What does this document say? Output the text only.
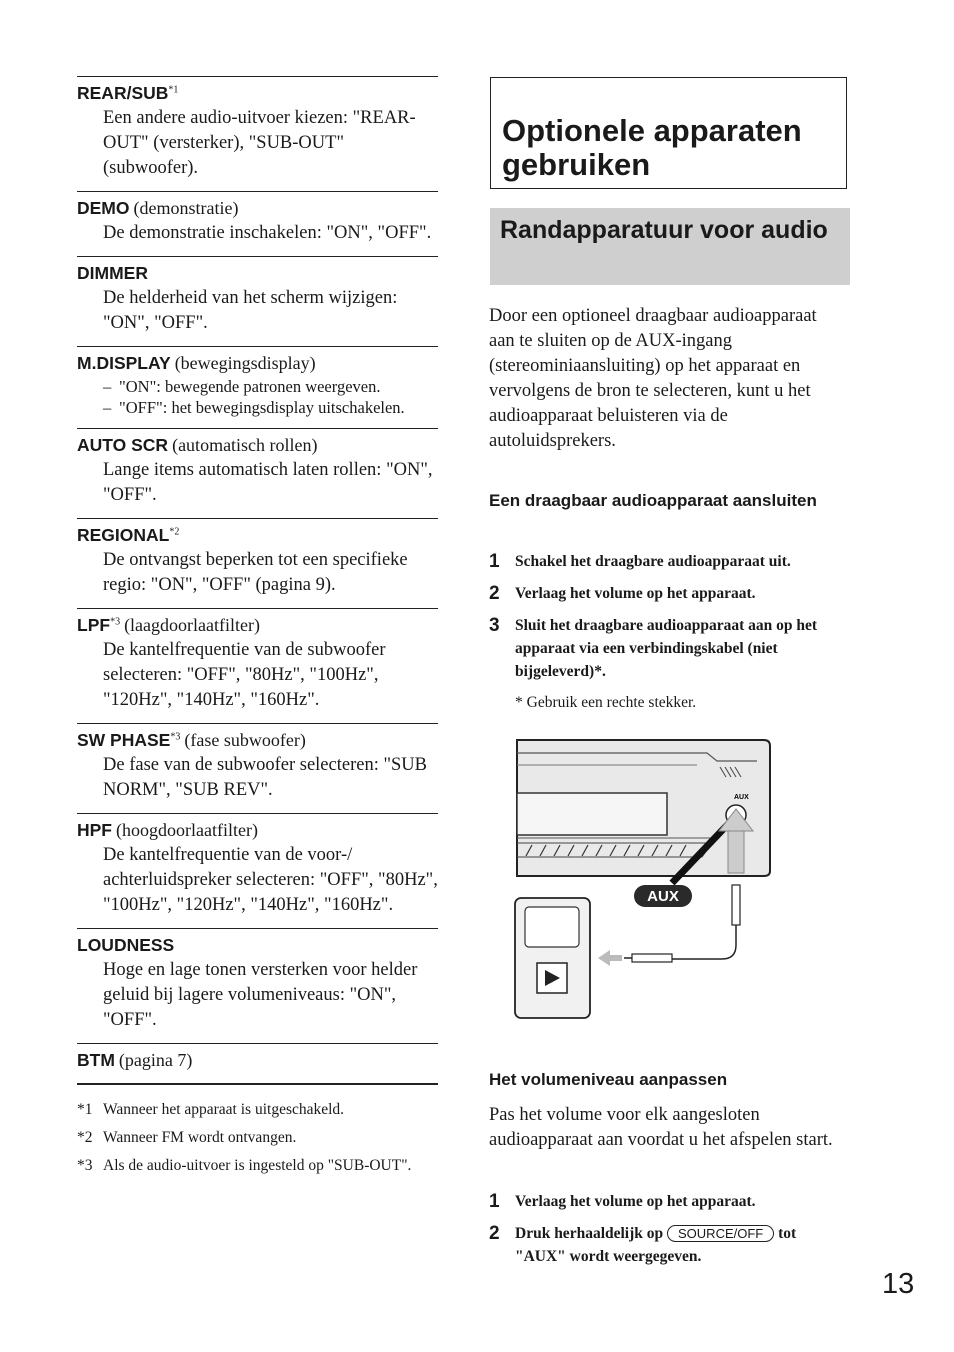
REAR/SUB$^{*1}$
Een andere audio-uitvoer kiezen: "REAR-OUT" (versterker), "SUB-OUT" (subwoofer).
DEMO (demonstratie)
De demonstratie inschakelen: "ON", "OFF".
DIMMER
De helderheid van het scherm wijzigen: "ON", "OFF".
M.DISPLAY (bewegingsdisplay)
– "ON": bewegende patronen weergeven.
– "OFF": het bewegingsdisplay uitschakelen.
AUTO SCR (automatisch rollen)
Lange items automatisch laten rollen: "ON", "OFF".
REGIONAL$^{*2}$
De ontvangst beperken tot een specifieke regio: "ON", "OFF" (pagina 9).
LPF$^{*3}$ (laagdoorlaatfilter)
De kantelfrequentie van de subwoofer selecteren: "OFF", "80Hz", "100Hz", "120Hz", "140Hz", "160Hz".
SW PHASE$^{*3}$ (fase subwoofer)
De fase van de subwoofer selecteren: "SUB NORM", "SUB REV".
HPF (hoogdoorlaatfilter)
De kantelfrequentie van de voor-/ achterluidspreker selecteren: "OFF", "80Hz", "100Hz", "120Hz", "140Hz", "160Hz".
LOUDNESS
Hoge en lage tonen versterken voor helder geluid bij lagere volumeniveaus: "ON", "OFF".
BTM (pagina 7)
*1 Wanneer het apparaat is uitgeschakeld.
*2 Wanneer FM wordt ontvangen.
*3 Als de audio-uitvoer is ingesteld op "SUB-OUT".
Optionele apparaten gebruiken
Randapparatuur voor audio

Door een optioneel draagbaar audioapparaat aan te sluiten op de AUX-ingang (stereominiaansluiting) op het apparaat en vervolgens de bron te selecteren, kunt u het audioapparaat beluisteren via de autoluidsprekers.

Een draagbaar audioapparaat aansluiten

1 Schakel het draagbare audioapparaat uit.
2 Verlaag het volume op het apparaat.
3 Sluit het draagbare audioapparaat aan op het apparaat via een verbindingskabel (niet bijgeleverd)*.

* Gebruik een rechte stekker.

AUX
AUX

Het volumeniveau aanpassen

Pas het volume voor elk aangesloten audioapparaat aan voordat u het afspelen start.

1 Verlaag het volume op het apparaat.
2 Druk herhaaldelijk op SOURCE/OFF tot "AUX" wordt weergegeven.
13
